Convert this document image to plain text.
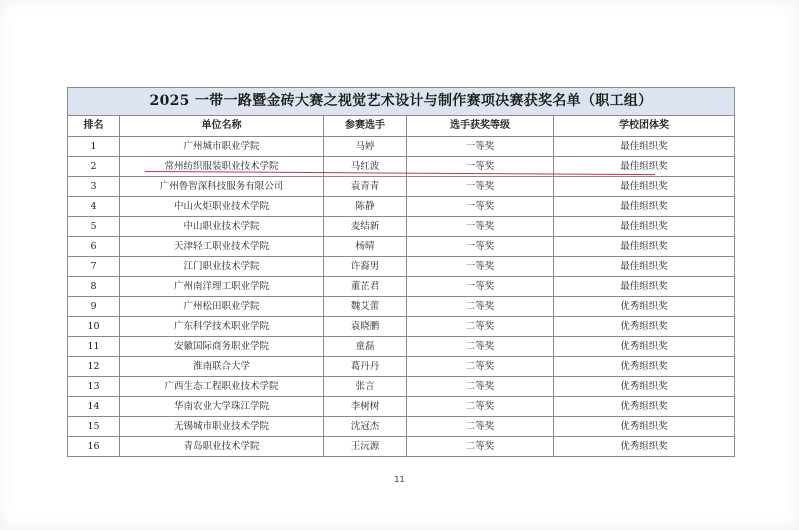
2025 一带一路暨金砖大赛之视觉艺术设计与制作赛项决赛获奖名单（职工组）				
排名	单位名称	参赛选手	选手获奖等级	学校团体奖
1	广州城市职业学院	马婷	一等奖	最佳组织奖
2	常州纺织服装职业技术学院	马红波	一等奖	最佳组织奖
3	广州鲁智深科技服务有限公司	袁青青	一等奖	最佳组织奖
4	中山火炬职业技术学院	陈静	一等奖	最佳组织奖
5	中山职业技术学院	麦结新	一等奖	最佳组织奖
6	天津轻工职业技术学院	杨晴	一等奖	最佳组织奖
7	江门职业技术学院	许裔男	一等奖	最佳组织奖
8	广州南洋理工职业学院	董芷君	一等奖	最佳组织奖
9	广州松田职业学院	魏艾蕾	二等奖	优秀组织奖
10	广东科学技术职业学院	袁晓鹏	二等奖	优秀组织奖
11	安徽国际商务职业学院	童磊	二等奖	优秀组织奖
12	淮南联合大学	葛丹丹	二等奖	优秀组织奖
13	广西生态工程职业技术学院	张言	二等奖	优秀组织奖
14	华南农业大学珠江学院	李树树	二等奖	优秀组织奖
15	无锡城市职业技术学院	沈冠杰	二等奖	优秀组织奖
16	青岛职业技术学院	王沅源	二等奖	优秀组织奖
11
